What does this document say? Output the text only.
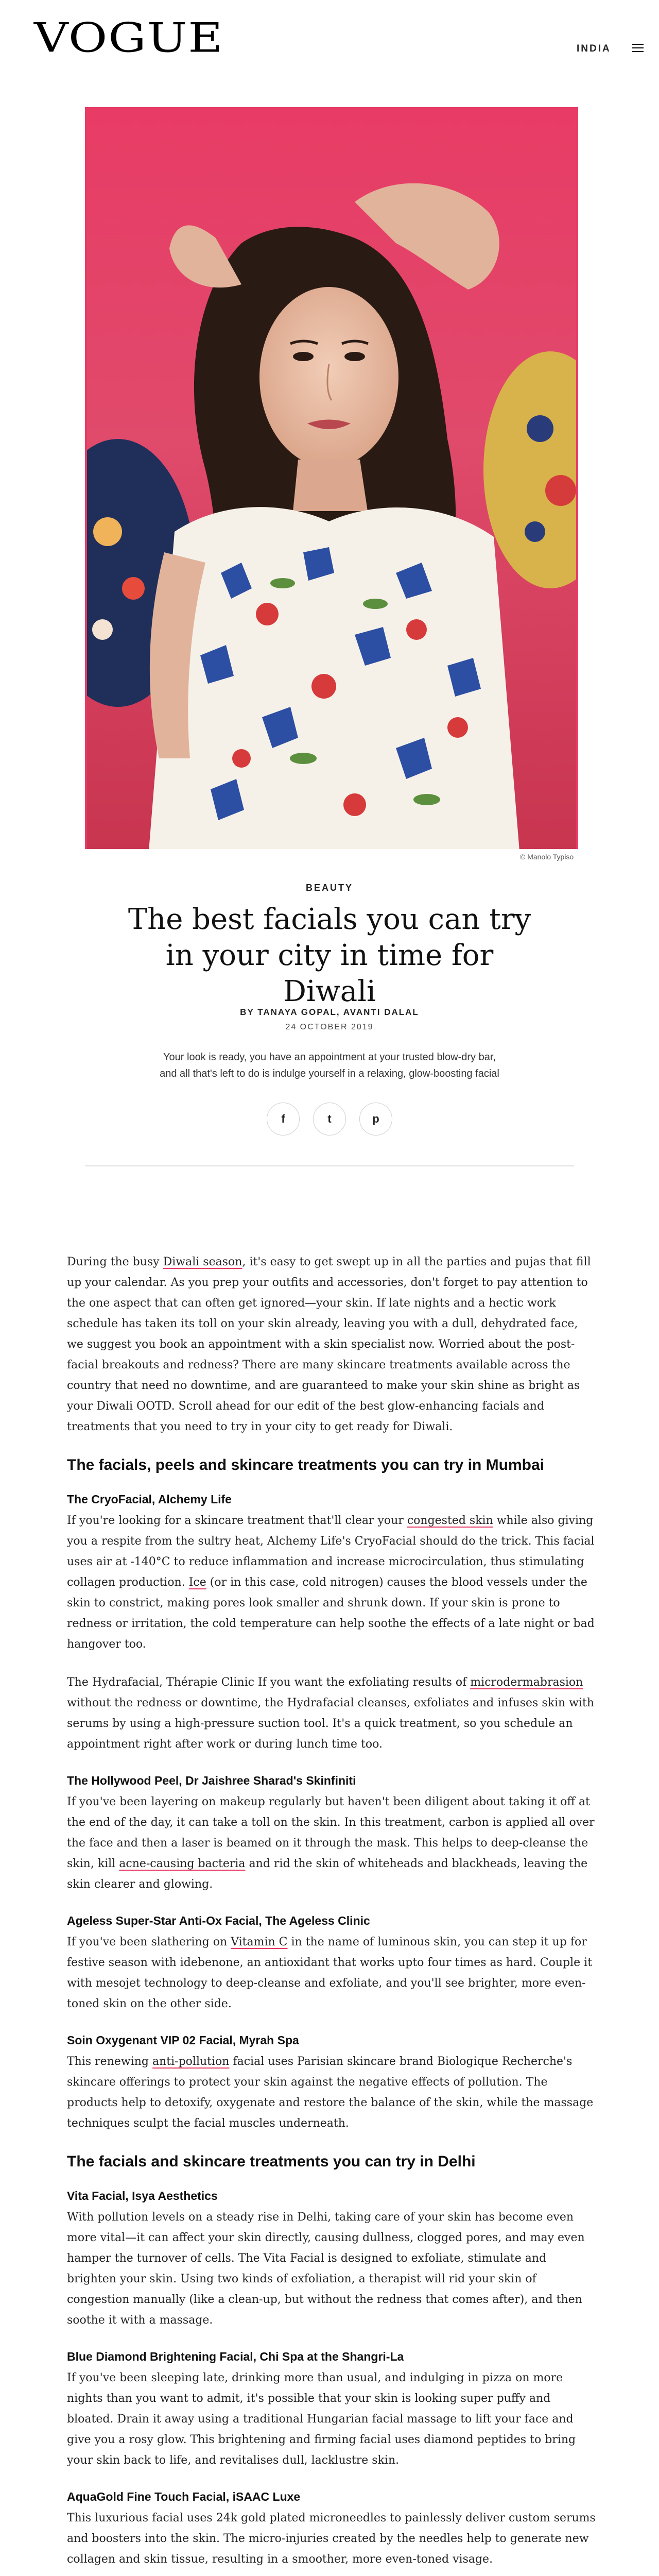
VOGUE	INDIA
© Manolo Typiso
BEAUTY
The best facials you can try in your city in time for Diwali
BY TANAYA GOPAL, AVANTI DALAL
24 OCTOBER 2019

Your look is ready, you have an appointment at your trusted blow-dry bar, and all that's left to do is indulge yourself in a relaxing, glow-boosting facial

f	t	p

During the busy Diwali season, it's easy to get swept up in all the parties and pujas that fill up your calendar. As you prep your outfits and accessories, don't forget to pay attention to the one aspect that can often get ignored—your skin. If late nights and a hectic work schedule has taken its toll on your skin already, leaving you with a dull, dehydrated face, we suggest you book an appointment with a skin specialist now. Worried about the post-facial breakouts and redness? There are many skincare treatments available across the country that need no downtime, and are guaranteed to make your skin shine as bright as your Diwali OOTD. Scroll ahead for our edit of the best glow-enhancing facials and treatments that you need to try in your city to get ready for Diwali.

The facials, peels and skincare treatments you can try in Mumbai
The CryoFacial, Alchemy Life

If you're looking for a skincare treatment that'll clear your congested skin while also giving you a respite from the sultry heat, Alchemy Life's CryoFacial should do the trick. This facial uses air at -140°C to reduce inflammation and increase microcirculation, thus stimulating collagen production. Ice (or in this case, cold nitrogen) causes the blood vessels under the skin to constrict, making pores look smaller and shrunk down. If your skin is prone to redness or irritation, the cold temperature can help soothe the effects of a late night or bad hangover too.

The Hydrafacial, Thérapie Clinic If you want the exfoliating results of microdermabrasion without the redness or downtime, the Hydrafacial cleanses, exfoliates and infuses skin with serums by using a high-pressure suction tool. It's a quick treatment, so you schedule an appointment right after work or during lunch time too.

The Hollywood Peel, Dr Jaishree Sharad's Skinfiniti

If you've been layering on makeup regularly but haven't been diligent about taking it off at the end of the day, it can take a toll on the skin. In this treatment, carbon is applied all over the face and then a laser is beamed on it through the mask. This helps to deep-cleanse the skin, kill acne-causing bacteria and rid the skin of whiteheads and blackheads, leaving the skin clearer and glowing.

Ageless Super-Star Anti-Ox Facial, The Ageless Clinic

If you've been slathering on Vitamin C in the name of luminous skin, you can step it up for festive season with idebenone, an antioxidant that works upto four times as hard. Couple it with mesojet technology to deep-cleanse and exfoliate, and you'll see brighter, more even-toned skin on the other side.

Soin Oxygenant VIP 02 Facial, Myrah Spa

This renewing anti-pollution facial uses Parisian skincare brand Biologique Recherche's skincare offerings to protect your skin against the negative effects of pollution. The products help to detoxify, oxygenate and restore the balance of the skin, while the massage techniques sculpt the facial muscles underneath.

The facials and skincare treatments you can try in Delhi
Vita Facial, Isya Aesthetics

With pollution levels on a steady rise in Delhi, taking care of your skin has become even more vital—it can affect your skin directly, causing dullness, clogged pores, and may even hamper the turnover of cells. The Vita Facial is designed to exfoliate, stimulate and brighten your skin. Using two kinds of exfoliation, a therapist will rid your skin of congestion manually (like a clean-up, but without the redness that comes after), and then soothe it with a massage.

Blue Diamond Brightening Facial, Chi Spa at the Shangri-La

If you've been sleeping late, drinking more than usual, and indulging in pizza on more nights than you want to admit, it's possible that your skin is looking super puffy and bloated. Drain it away using a traditional Hungarian facial massage to lift your face and give you a rosy glow. This brightening and firming facial uses diamond peptides to bring your skin back to life, and revitalises dull, lacklustre skin.

AquaGold Fine Touch Facial, iSAAC Luxe

This luxurious facial uses 24k gold plated microneedles to painlessly deliver custom serums and boosters into the skin. The micro-injuries created by the needles help to generate new collagen and skin tissue, resulting in a smoother, more even-toned visage.
